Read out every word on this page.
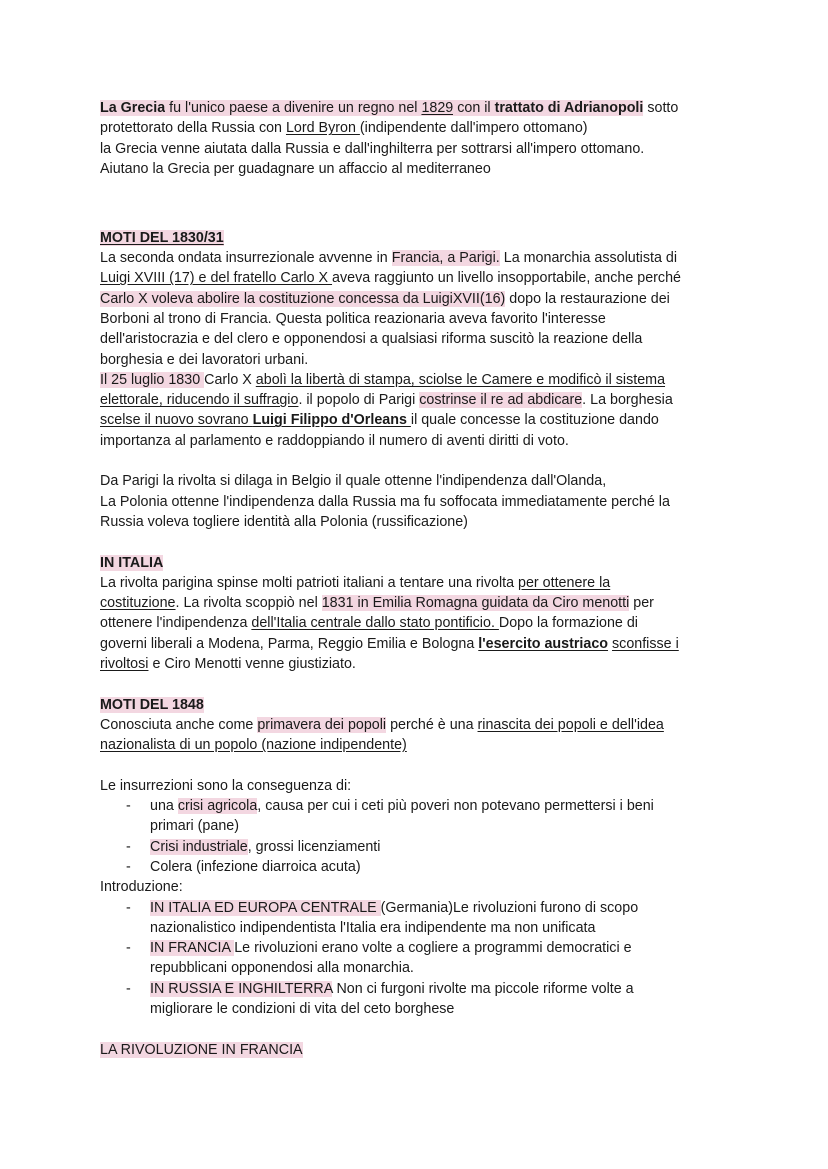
La Grecia fu l'unico paese a divenire un regno nel 1829 con il trattato di Adrianopoli sotto
protettorato della Russia con Lord Byron (indipendente dall'impero ottomano)
la Grecia venne aiutata dalla Russia e dall'inghilterra per sottrarsi all'impero ottomano.
Aiutano la Grecia per guadagnare un affaccio al mediterraneo
MOTI DEL 1830/31
La seconda ondata insurrezionale avvenne in Francia, a Parigi. La monarchia assolutista di
Luigi XVIII (17) e del fratello Carlo X aveva raggiunto un livello insopportabile, anche perché
Carlo X voleva abolire la costituzione concessa da LuigiXVII(16) dopo la restaurazione dei
Borboni al trono di Francia. Questa politica reazionaria aveva favorito l'interesse
dell'aristocrazia e del clero e opponendosi a qualsiasi riforma suscitò la reazione della
borghesia e dei lavoratori urbani.
Il 25 luglio 1830 Carlo X abolì la libertà di stampa, sciolse le Camere e modificò il sistema
elettorale, riducendo il suffragio. il popolo di Parigi costrinse il re ad abdicare. La borghesia
scelse il nuovo sovrano Luigi Filippo d'Orleans il quale concesse la costituzione dando
importanza al parlamento e raddoppiando il numero di aventi diritti di voto.
Da Parigi la rivolta si dilaga in Belgio il quale ottenne l'indipendenza dall'Olanda,
La Polonia ottenne l'indipendenza dalla Russia ma fu soffocata immediatamente perché la
Russia voleva togliere identità alla Polonia (russificazione)
IN ITALIA
La rivolta parigina spinse molti patrioti italiani a tentare una rivolta per ottenere la
costituzione. La rivolta scoppiò nel 1831 in Emilia Romagna guidata da Ciro menotti per
ottenere l'indipendenza dell'Italia centrale dallo stato pontificio. Dopo la formazione di
governi liberali a Modena, Parma, Reggio Emilia e Bologna l'esercito austriaco sconfisse i
rivoltosi e Ciro Menotti venne giustiziato.
MOTI DEL 1848
Conosciuta anche come primavera dei popoli perché è una rinascita dei popoli e dell'idea
nazionalista di un popolo (nazione indipendente)
Le insurrezioni sono la conseguenza di:
- una crisi agricola, causa per cui i ceti più poveri non potevano permettersi i beni
primari (pane)
- Crisi industriale, grossi licenziamenti
- Colera (infezione diarroica acuta)
Introduzione:
- IN ITALIA ED EUROPA CENTRALE (Germania)Le rivoluzioni furono di scopo
nazionalistico indipendentista l'Italia era indipendente ma non unificata
- IN FRANCIA Le rivoluzioni erano volte a cogliere a programmi democratici e
repubblicani opponendosi alla monarchia.
- IN RUSSIA E INGHILTERRA Non ci furgoni rivolte ma piccole riforme volte a
migliorare le condizioni di vita del ceto borghese
LA RIVOLUZIONE IN FRANCIA
